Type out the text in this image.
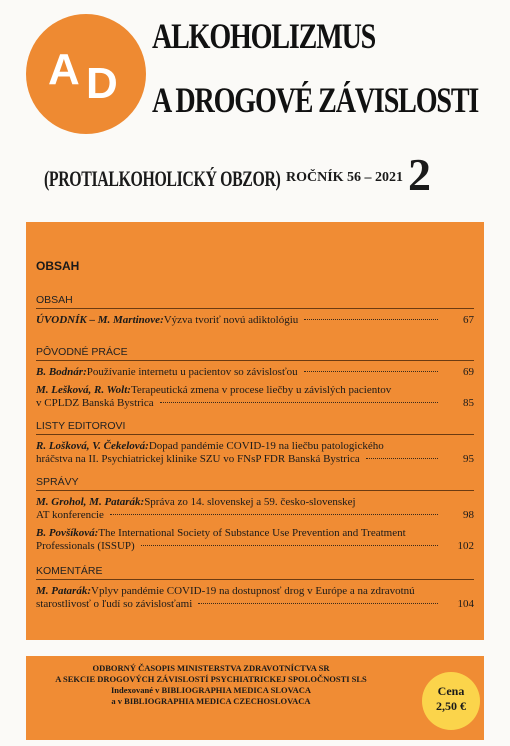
A D
ALKOHOLIZMUS
A DROGOVÉ ZÁVISLOSTI
(PROTIALKOHOLICKÝ OBZOR) ROČNÍK 56 – 2021 2
OBSAH
OBSAH
ÚVODNÍK – M. Martinove: Výzva tvoriť novú adiktológiu	67
PÔVODNÉ PRÁCE
B. Bodnár: Používanie internetu u pacientov so závislosťou	69
M. Lešková, R. Wolt: Terapeutická zmena v procese liečby u závislých pacientov
v CPLDZ Banská Bystrica	85
LISTY EDITOROVI
R. Lošková, V. Čekelová: Dopad pandémie COVID-19 na liečbu patologického
hráčstva na II. Psychiatrickej klinike SZU vo FNsP FDR Banská Bystrica	95
SPRÁVY
M. Grohol, M. Patarák: Správa zo 14. slovenskej a 59. česko-slovenskej
AT konferencie	98
B. Povšíková: The International Society of Substance Use Prevention and Treatment
Professionals (ISSUP)	102
KOMENTÁRE
M. Patarák: Vplyv pandémie COVID-19 na dostupnosť drog v Európe a na zdravotnú
starostlivosť o ľudí so závislosťami	104
ODBORNÝ ČASOPIS MINISTERSTVA ZDRAVOTNÍCTVA SR
A SEKCIE DROGOVÝCH ZÁVISLOSTÍ PSYCHIATRICKEJ SPOLOČNOSTI SLS
Indexované v BIBLIOGRAPHIA MEDICA SLOVACA
a v BIBLIOGRAPHIA MEDICA CZECHOSLOVACA
Cena
2,50 €
